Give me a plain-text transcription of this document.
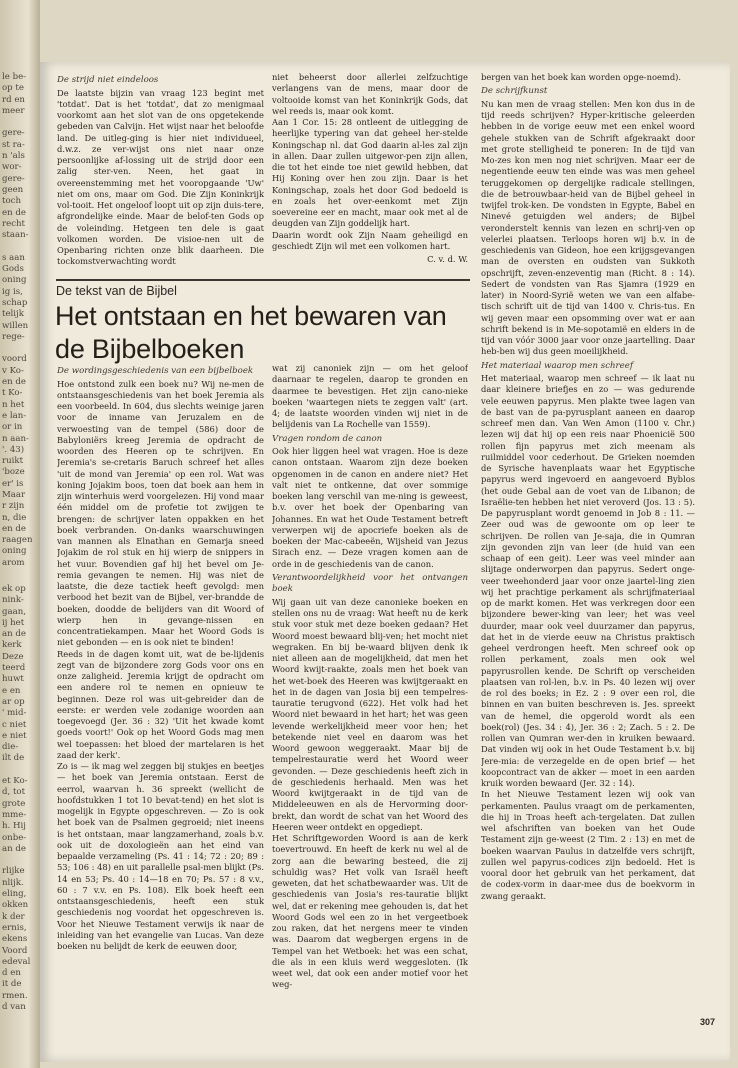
le be-
op te
rd en
meer

gere-
st ra-
n 'als
wor-
gere-
geen
toch
en de
recht
staan-

s aan
Gods
oning
ig is,
schap
telijk
willen
rege-

voord
v Ko-
en de
t Ko-
n het
e lan-
or in
n aan-
'. 43)
ruikt
'boze
er' is
Maar
r zijn
n, die
en de
raagen
oning
arom
ek op
nink-
gaan,
ij het
an de
kerk
Deze
teerd
huwt
e en
ar op
' mid-
c niet
e niet
die-
ilt de

et Ko-
d, tot
grote
mme-
h. Hij
onbe-
an de

rlijke
nlijk.
eling,
okken
k der
ernis,
ekens
Voord
edeval
d en
it de
rmen.
d van
De strijd niet eindeloos

De laatste bijzin van vraag 123 begint met 'totdat'. Dat is het 'totdat', dat zo menigmaal voorkomt aan het slot van de ons opgetekende gebeden van Calvijn. Het wijst naar het beloofde land. De uitleg-ging is hier niet individueel, d.w.z. ze ver-wijst ons niet naar onze persoonlijke af-lossing uit de strijd door een zalig ster-ven. Neen, het gaat in overeenstemming met het vooropgaande 'Uw' niet om ons, maar om God. Die Zijn Koninkrijk vol-tooit. Het ongeloof loopt uit op zijn duis-tere, afgrondelijke einde. Maar de belof-ten Gods op de voleinding. Hetgeen ten dele is gaat volkomen worden. De visioe-nen uit de Openbaring richten onze blik daarheen. Die tockomstverwachting wordt

niet beheerst door allerlei zelfzuchtige verlangens van de mens, maar door de voltooide komst van het Koninkrijk Gods, dat wel reeds is, maar ook komt.

Aan 1 Cor. 15: 28 ontleent de uitlegging de heerlijke typering van dat geheel her-stelde Koningschap nl. dat God daarin al-les zal zijn in allen. Daar zullen uitgewor-pen zijn allen, die tot het einde toe niet gewild hebben, dat Hij Koning over hen zou zijn. Daar is het Koningschap, zoals het door God bedoeld is en zoals het over-eenkomt met Zijn soevereine eer en macht, maar ook met al de deugden van Zijn goddelijk hart.

Daarin wordt ook Zijn Naam geheiligd en geschiedt Zijn wil met een volkomen hart.

C. v. d. W.
De tekst van de Bijbel
Het ontstaan en het bewaren van de Bijbelboeken
De wordingsgeschiedenis van een bijbelboek

Hoe ontstond zulk een boek nu? Wij ne-men de ontstaansgeschiedenis van het boek Jeremia als een voorbeeld. In 604, dus slechts weinige jaren voor de inname van Jeruzalem en de verwoesting van de tempel (586) door de Babyloniërs kreeg Jeremia de opdracht de woorden des Heeren op te schrijven. En Jeremia's se-cretaris Baruch schreef het alles 'uit de mond van Jeremia' op een rol. Wat was koning Jojakim boos, toen dat boek aan hem in zijn winterhuis werd voorgelezen. Hij vond maar één middel om de profetie tot zwijgen te brengen: de schrijver laten oppakken en het boek verbranden. On-danks waarschuwingen van mannen als Elnathan en Gemarja sneed Jojakim de rol stuk en hij wierp de snippers in het vuur. Bovendien gaf hij het bevel om Je-remia gevangen te nemen. Hij was niet de laatste, die deze tactiek heeft gevolgd: men verbood het bezit van de Bijbel, ver-brandde de boeken, doodde de belijders van dit Woord of wierp hen in gevange-nissen en concentratiekampen. Maar het Woord Gods is niet gebonden — en is ook niet te binden!

Reeds in de dagen komt uit, wat de be-lijdenis zegt van de bijzondere zorg Gods voor ons en onze zaligheid. Jeremia krijgt de opdracht om een andere rol te nemen en opnieuw te beginnen. Deze rol was uit-gebreider dan de eerste: er werden vele zodanige woorden aan toegevoegd (Jer. 36 : 32) 'Uit het kwade komt goeds voort!' Ook op het Woord Gods mag men wel toepassen: het bloed der martelaren is het zaad der kerk'.

Zo is — ik mag wel zeggen bij stukjes en beetjes — het boek van Jeremia ontstaan. Eerst de eerrol, waarvan h. 36 spreekt (wellicht de hoofdstukken 1 tot 10 bevat-tend) en het slot is mogelijk in Egypte opgeschreven. — Zo is ook het boek van de Psalmen gegroeid; niet ineens is het ontstaan, maar langzamerhand, zoals b.v. ook uit de doxologieën aan het eind van bepaalde verzameling (Ps. 41 : 14; 72 : 20; 89 : 53; 106 : 48) en uit parallelle psal-men blijkt (Ps. 14 en 53; Ps. 40 : 14—18 en 70; Ps. 57 : 8 v.v., 60 : 7 v.v. en Ps. 108). Elk boek heeft een ontstaansgeschiedenis, heeft een stuk geschiedenis nog voordat het opgeschreven is. Voor het Nieuwe Testament verwijs ik naar de inleiding van het evangelie van Lucas. Van deze boeken nu belijdt de kerk de eeuwen door,

wat zij canoniek zijn — om het geloof daarnaar te regelen, daarop te gronden en daarmee te bevestigen. Het zijn cano-nieke boeken 'waartegen niets te zeggen valt' (art. 4; de laatste woorden vinden wij niet in de belijdenis van La Rochelle van 1559).

Vragen rondom de canon

Ook hier liggen heel wat vragen. Hoe is deze canon ontstaan. Waarom zijn deze boeken opgenomen in de canon en andere niet? Het valt niet te ontkenne, dat over sommige boeken lang verschil van me-ning is geweest, b.v. over het boek der Openbaring van Johannes. En wat het Oude Testament betreft verwerpen wij de apocriefe boeken als de boeken der Mac-cabeeën, Wijsheid van Jezus Sirach enz. — Deze vragen komen aan de orde in de geschiedenis van de canon.

Verantwoordelijkheid voor het ontvangen boek

Wij gaan uit van deze canonieke boeken en stellen ons nu de vraag: Wat heeft nu de kerk stuk voor stuk met deze boeken gedaan? Het Woord moest bewaard blij-ven; het mocht niet wegraken. En bij be-waard blijven denk ik niet alleen aan de mogelijkheid, dat men het Woord kwijt-raakte, zoals men het boek van het wet-boek des Heeren was kwijtgeraakt en het in de dagen van Josia bij een tempelres-tauratie terugvond (622). Het volk had het Woord niet bewaard in het hart; het was geen levende werkelijkheid meer voor hen; het betekende niet veel en daarom was het Woord gewoon weggeraakt. Maar bij de tempelrestauratie werd het Woord weer gevonden. — Deze geschiedenis heeft zich in de geschiedenis herhaald. Men was het Woord kwijtgeraakt in de tijd van de Middeleeuwen en als de Hervorming door-brekt, dan wordt de schat van het Woord des Heeren weer ontdekt en opgediept.

Het Schriftgeworden Woord is aan de kerk toevertrouwd. En heeft de kerk nu wel al de zorg aan die bewaring besteed, die zij schuldig was? Het volk van Israël heeft geweten, dat het schatbewaarder was. Uit de geschiedenis van Josia's res-tauratie blijkt wel, dat er rekening mee gehouden is, dat het Woord Gods wel een zo in het vergeetboek zou raken, dat het nergens meer te vinden was. Daarom dat wegbergen ergens in de Tempel van het Wetboek: het was een schat, die als in een kluis werd weggesloten. (Ik weet wel, dat ook een ander motief voor het weg-

bergen van het boek kan worden opge-noemd).

De schrijfkunst

Nu kan men de vraag stellen: Men kon dus in de tijd reeds schrijven? Hyper-kritische geleerden hebben in de vorige eeuw met een enkel woord gehele stukken van de Schrift afgekraakt door met grote stelligheid te poneren: In de tijd van Mo-zes kon men nog niet schrijven. Maar eer de negentiende eeuw ten einde was was men geheel teruggekomen op dergelijke radicale stellingen, die de betrouwbaar-heid van de Bijbel geheel in twijfel trok-ken. De vondsten in Egypte, Babel en Ninevé getuigden wel anders; de Bijbel veronderstelt kennis van lezen en schrij-ven op velerlei plaatsen. Terloops horen wij b.v. in de geschiedenis van Gideon, hoe een krijgsgevangen man de oversten en oudsten van Sukkoth opschrijft, zeven-enzeventig man (Richt. 8 : 14). Sedert de vondsten van Ras Sjamra (1929 en later) in Noord-Syrië weten we van een alfabe-tisch schrift uit de tijd van 1400 v. Chris-tus. En wij geven maar een opsomming over wat er aan schrift bekend is in Me-sopotamië en elders in de tijd van vóór 3000 jaar voor onze jaartelling. Daar heb-ben wij dus geen moeilijkheid.

Het materiaal waarop men schreef

Het materiaal, waarop men schreef — ik laat nu daar kleinere briefjes en zo — was gedurende vele eeuwen papyrus. Men plakte twee lagen van de bast van de pa-pyrusplant aaneen en daarop schreef men dan. Van Wen Amon (1100 v. Chr.) lezen wij dat hij op een reis naar Phoenicië 500 rollen fijn papyrus met zich meenam als ruilmiddel voor cederhout. De Grieken noemden de Syrische havenplaats waar het Egyptische papyrus werd ingevoerd en aangevoerd Byblos (het oude Gebal aan de voet van de Libanon; de Israëlie-ten hebben het niet veroverd (Jos. 13 : 5). De papyrusplant wordt genoemd in Job 8 : 11. — Zeer oud was de gewoonte om op leer te schrijven. De rollen van Je-saja, die in Qumran zijn gevonden zijn van leer (de huid van een schaap of een geit). Leer was veel minder aan slijtage onderworpen dan papyrus. Sedert onge-veer tweehonderd jaar voor onze jaartel-ling zien wij het prachtige perkament als schrijfmateriaal op de markt komen. Het was verkregen door een bijzondere bewer-king van leer; het was veel duurder, maar ook veel duurzamer dan papyrus, dat het in de vierde eeuw na Christus praktisch geheel verdrongen heeft. Men schreef ook op rollen perkament, zoals men ook wel papyrusrollen kende. De Schrift op verscheiden plaatsen van rol-len, b.v. in Ps. 40 lezen wij over de rol des boeks; in Ez. 2 : 9 over een rol, die binnen en van buiten beschreven is. Jes. spreekt van de hemel, die opgerold wordt als een boek(rol) (Jes. 34 : 4), Jer. 36 : 2; Zach. 5 : 2. De rollen van Qumran wer-den in kruiken bewaard. Dat vinden wij ook in het Oude Testament b.v. bij Jere-mia: de verzegelde en de open brief — het koopcontract van de akker — moet in een aarden kruik worden bewaard (Jer. 32 : 14).

In het Nieuwe Testament lezen wij ook van perkamenten. Paulus vraagt om de perkamenten, die hij in Troas heeft ach-tergelaten. Dat zullen wel afschriften van boeken van het Oude Testament zijn ge-weest (2 Tim. 2 : 13) en met de boeken waarvan Paulus in datzelfde vers schrijft, zullen wel papyrus-codices zijn bedoeld. Het is vooral door het gebruik van het perkament, dat de codex-vorm in daar-mee dus de boekvorm in zwang geraakt.

307
